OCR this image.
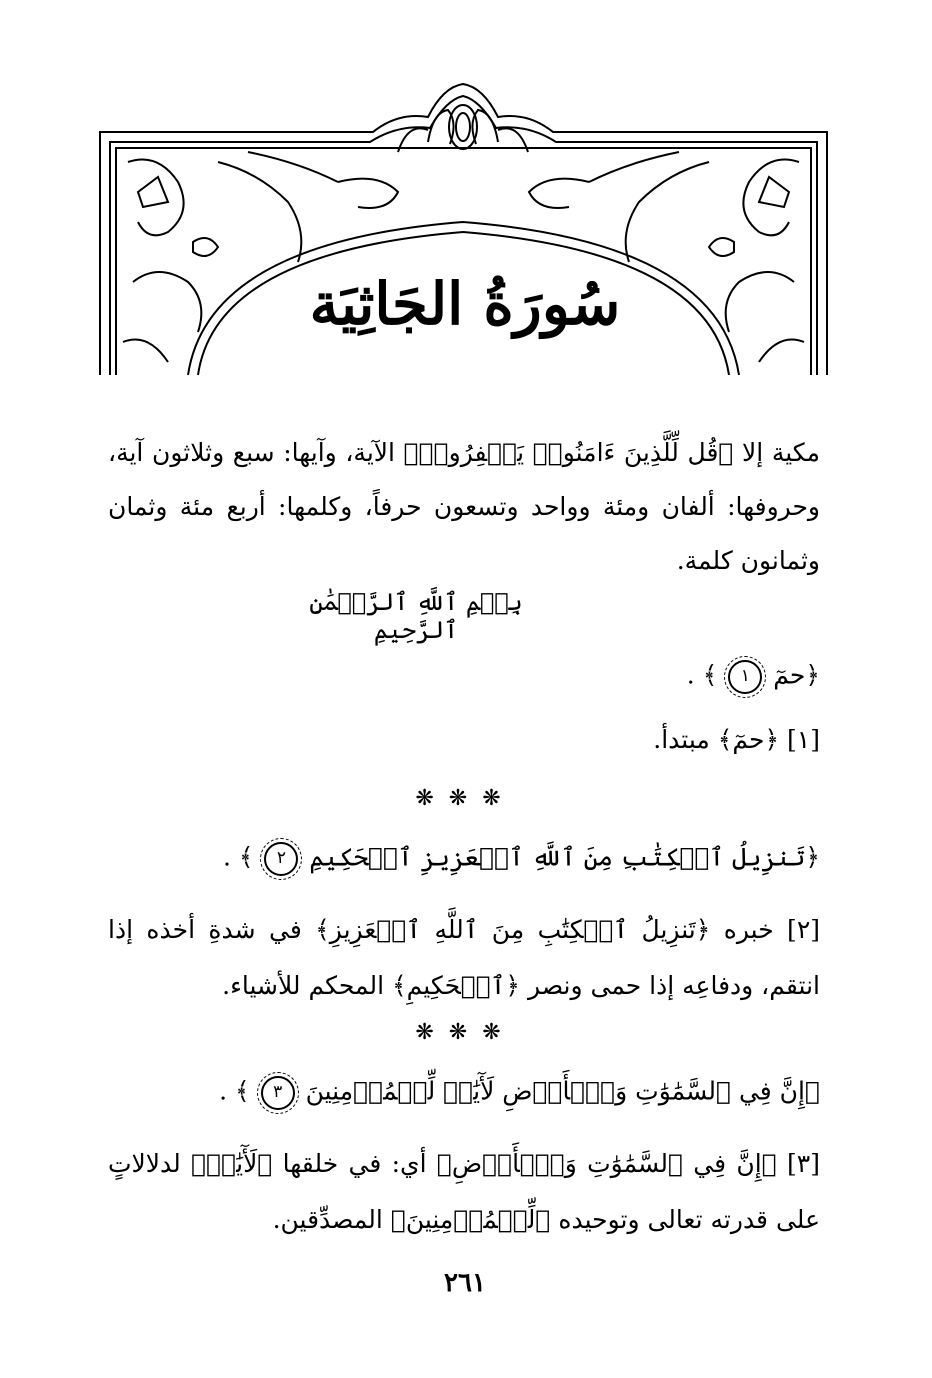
سُورَةُ الجَاثِيَة
مكية إلا ﴿قُل لِّلَّذِينَ ءَامَنُوا۟ يَغۡفِرُوا۟﴾ الآية، وآيها: سبع وثلاثون آية، وحروفها: ألفان ومئة وواحد وتسعون حرفاً، وكلمها: أربع مئة وثمان وثمانون كلمة.
بِسۡمِ ٱللَّهِ ٱلرَّحۡمَٰنِ ٱلرَّحِيمِ
﴿حمٓ ١ ﴾ .
[١] ﴿حمٓ﴾ مبتدأ.
❋ ❋ ❋
﴿تَنزِيلُ ٱلۡكِتَٰبِ مِنَ ٱللَّهِ ٱلۡعَزِيزِ ٱلۡحَكِيمِ ٢ ﴾ .
[٢] خبره ﴿تَنزِيلُ ٱلۡكِتَٰبِ مِنَ ٱللَّهِ ٱلۡعَزِيزِ﴾ في شدةِ أخذه إذا انتقم، ودفاعِه إذا حمى ونصر ﴿ٱلۡحَكِيمِ﴾ المحكم للأشياء.
❋ ❋ ❋
﴿إِنَّ فِي ٱلسَّمَٰوَٰتِ وَٱلۡأَرۡضِ لَأٓيَٰتٖ لِّلۡمُؤۡمِنِينَ ٣ ﴾ .
[٣] ﴿إِنَّ فِي ٱلسَّمَٰوَٰتِ وَٱلۡأَرۡضِ﴾ أي: في خلقها ﴿لَأٓيَٰتٖ﴾ لدلالاتٍ على قدرته تعالى وتوحيده ﴿لِّلۡمُؤۡمِنِينَ﴾ المصدِّقين.
٢٦١
